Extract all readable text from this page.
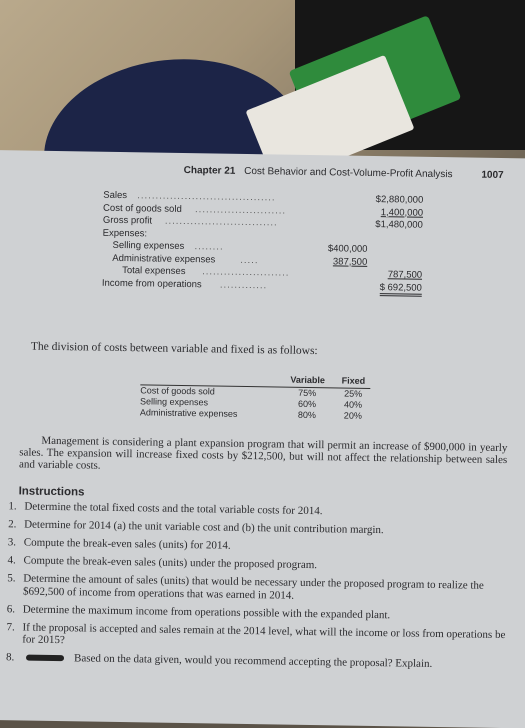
Chapter 21 Cost Behavior and Cost-Volume-Profit Analysis	1007
Sales ......................................	$2,880,000
Cost of goods sold .........................	1,400,000
Gross profit ...............................	$1,480,000
Expenses:
Selling expenses ........	$400,000
Administrative expenses	.....	387,500
Total expenses ........................	787,500
Income from operations .............	$ 692,500
The division of costs between variable and fixed is as follows:
Variable	Fixed
Cost of goods sold	75%	25%
Selling expenses	60%	40%
Administrative expenses	80%	20%
Management is considering a plant expansion program that will permit an increase of $900,000 in yearly sales. The expansion will increase fixed costs by $212,500, but will not affect the relationship between sales and variable costs.
Instructions
1. Determine the total fixed costs and the total variable costs for 2014.
2. Determine for 2014 (a) the unit variable cost and (b) the unit contribution margin.
3. Compute the break-even sales (units) for 2014.
4. Compute the break-even sales (units) under the proposed program.
5. Determine the amount of sales (units) that would be necessary under the proposed program to realize the $692,500 of income from operations that was earned in 2014.
6. Determine the maximum income from operations possible with the expanded plant.
7. If the proposal is accepted and sales remain at the 2014 level, what will the income or loss from operations be for 2015?
8.	Based on the data given, would you recommend accepting the proposal? Explain.
